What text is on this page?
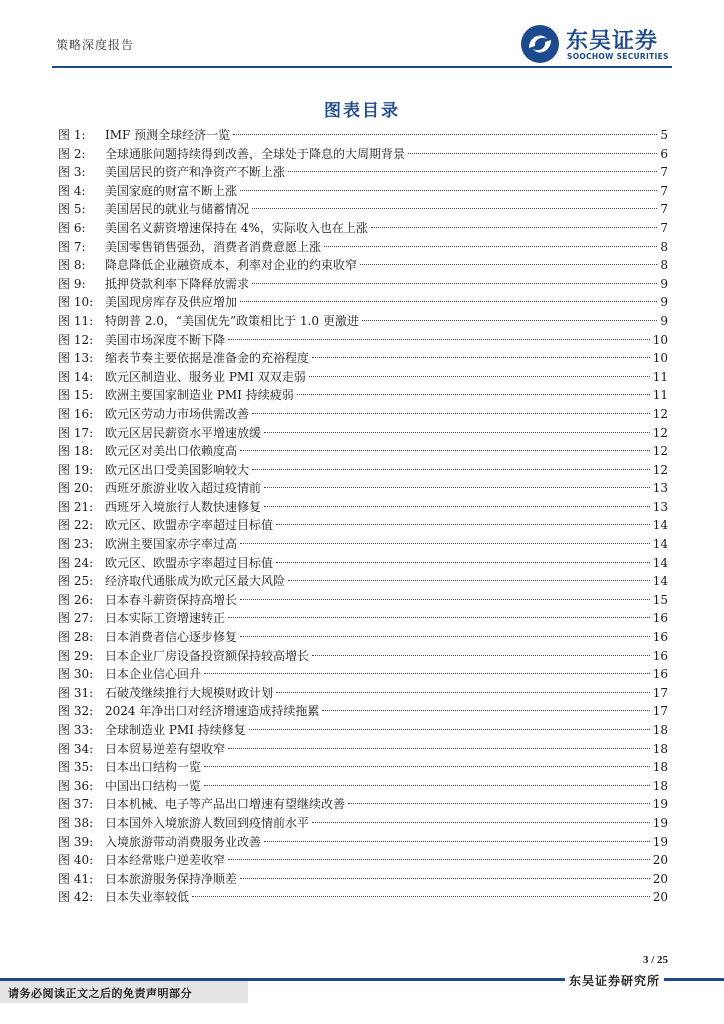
策略深度报告	东吴证券
SOOCHOW SECURITIES
图表目录
图 1:	IMF 预测全球经济一览	5
图 2:	全球通胀问题持续得到改善，全球处于降息的大周期背景	6
图 3:	美国居民的资产和净资产不断上涨	7
图 4:	美国家庭的财富不断上涨	7
图 5:	美国居民的就业与储蓄情况	7
图 6:	美国名义薪资增速保持在 4%，实际收入也在上涨	7
图 7:	美国零售销售强劲，消费者消费意愿上涨	8
图 8:	降息降低企业融资成本，利率对企业的约束收窄	8
图 9:	抵押贷款利率下降释放需求	9
图 10: 美国现房库存及供应增加	9
图 11: 特朗普 2.0，“美国优先”政策相比于 1.0 更激进	9
图 12: 美国市场深度不断下降	10
图 13: 缩表节奏主要依据是准备金的充裕程度	10
图 14: 欧元区制造业、服务业 PMI 双双走弱	11
图 15: 欧洲主要国家制造业 PMI 持续疲弱	11
图 16: 欧元区劳动力市场供需改善	12
图 17: 欧元区居民薪资水平增速放缓	12
图 18: 欧元区对美出口依赖度高	12
图 19: 欧元区出口受美国影响较大	12
图 20: 西班牙旅游业收入超过疫情前	13
图 21: 西班牙入境旅行人数快速修复	13
图 22: 欧元区、欧盟赤字率超过目标值	14
图 23: 欧洲主要国家赤字率过高	14
图 24: 欧元区、欧盟赤字率超过目标值	14
图 25: 经济取代通胀成为欧元区最大风险	14
图 26: 日本春斗薪资保持高增长	15
图 27: 日本实际工资增速转正	16
图 28: 日本消费者信心逐步修复	16
图 29: 日本企业厂房设备投资额保持较高增长	16
图 30: 日本企业信心回升	16
图 31: 石破茂继续推行大规模财政计划	17
图 32: 2024 年净出口对经济增速造成持续拖累	17
图 33: 全球制造业 PMI 持续修复	18
图 34: 日本贸易逆差有望收窄	18
图 35: 日本出口结构一览	18
图 36: 中国出口结构一览	18
图 37: 日本机械、电子等产品出口增速有望继续改善	19
图 38: 日本国外入境旅游人数回到疫情前水平	19
图 39: 入境旅游带动消费服务业改善	19
图 40: 日本经常账户逆差收窄	20
图 41: 日本旅游服务保持净顺差	20
图 42: 日本失业率较低	20
3 / 25
请务必阅读正文之后的免责声明部分
东吴证券研究所
